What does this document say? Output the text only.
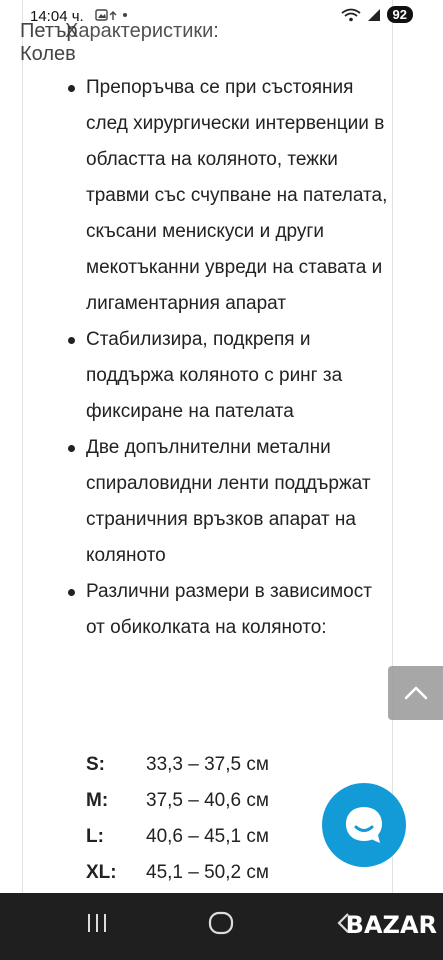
14:04 ч.	92
Петър Колев
Характеристики:
Препоръчва се при състояния след хирургически интервенции в областта на коляното, тежки травми със счупване на пателата, скъсани менискуси и други мекотъканни увреди на ставата и лигаментарния апарат
Стабилизира, подкрепя и поддържа коляното с ринг за фиксиране на пателата
Две допълнителни метални спираловидни ленти поддържат страничния връзков апарат на коляното
Различни размери в зависимост от обиколката на коляното:
S: 33,3 – 37,5 см
M: 37,5 – 40,6 см
L: 40,6 – 45,1 см
XL: 45,1 – 50,2 см
BAZAR
